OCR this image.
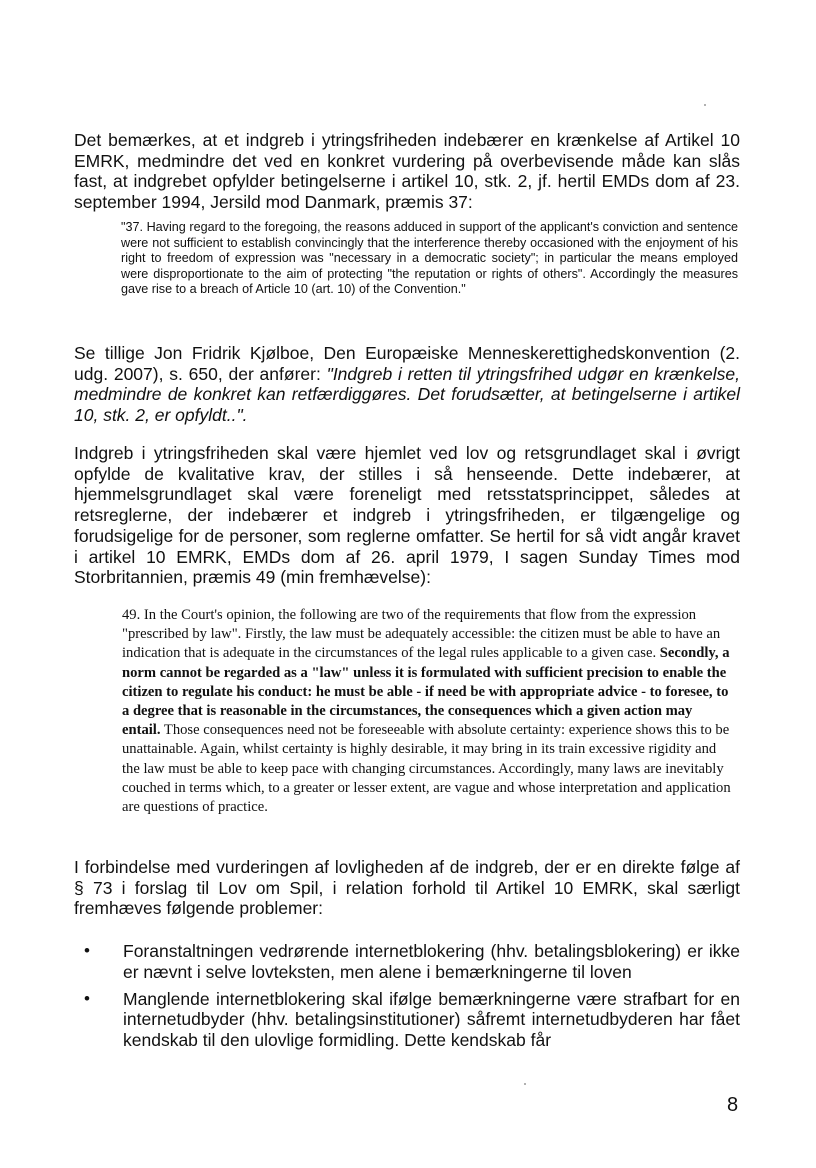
Det bemærkes, at et indgreb i ytringsfriheden indebærer en krænkelse af Artikel 10 EMRK, medmindre det ved en konkret vurdering på overbevisende måde kan slås fast, at indgrebet opfylder betingelserne i artikel 10, stk. 2, jf. hertil EMDs dom af 23. september 1994, Jersild mod Danmark, præmis 37:

"37. Having regard to the foregoing, the reasons adduced in support of the applicant's conviction and sentence were not sufficient to establish convincingly that the interference thereby occasioned with the enjoyment of his right to freedom of expression was "necessary in a democratic society"; in particular the means employed were disproportionate to the aim of protecting "the reputation or rights of others". Accordingly the measures gave rise to a breach of Article 10 (art. 10) of the Convention."

Se tillige Jon Fridrik Kjølboe, Den Europæiske Menneskerettighedskonvention (2. udg. 2007), s. 650, der anfører: "Indgreb i retten til ytringsfrihed udgør en krænkelse, medmindre de konkret kan retfærdiggøres. Det forudsætter, at betingelserne i artikel 10, stk. 2, er opfyldt..".

Indgreb i ytringsfriheden skal være hjemlet ved lov og retsgrundlaget skal i øvrigt opfylde de kvalitative krav, der stilles i så henseende. Dette indebærer, at hjemmelsgrundlaget skal være foreneligt med retsstatsprincippet, således at retsreglerne, der indebærer et indgreb i ytringsfriheden, er tilgængelige og forudsigelige for de personer, som reglerne omfatter. Se hertil for så vidt angår kravet i artikel 10 EMRK, EMDs dom af 26. april 1979, I sagen Sunday Times mod Storbritannien, præmis 49 (min fremhævelse):

49. In the Court's opinion, the following are two of the requirements that flow from the expression "prescribed by law". Firstly, the law must be adequately accessible: the citizen must be able to have an indication that is adequate in the circumstances of the legal rules applicable to a given case. Secondly, a norm cannot be regarded as a "law" unless it is formulated with sufficient precision to enable the citizen to regulate his conduct: he must be able - if need be with appropriate advice - to foresee, to a degree that is reasonable in the circumstances, the consequences which a given action may entail. Those consequences need not be foreseeable with absolute certainty: experience shows this to be unattainable. Again, whilst certainty is highly desirable, it may bring in its train excessive rigidity and the law must be able to keep pace with changing circumstances. Accordingly, many laws are inevitably couched in terms which, to a greater or lesser extent, are vague and whose interpretation and application are questions of practice.

I forbindelse med vurderingen af lovligheden af de indgreb, der er en direkte følge af § 73 i forslag til Lov om Spil, i relation forhold til Artikel 10 EMRK, skal særligt fremhæves følgende problemer:

• Foranstaltningen vedrørende internetblokering (hhv. betalingsblokering) er ikke er nævnt i selve lovteksten, men alene i bemærkningerne til loven
• Manglende internetblokering skal ifølge bemærkningerne være strafbart for en internetudbyder (hhv. betalingsinstitutioner) såfremt internetudbyderen har fået kendskab til den ulovlige formidling. Dette kendskab får
8
